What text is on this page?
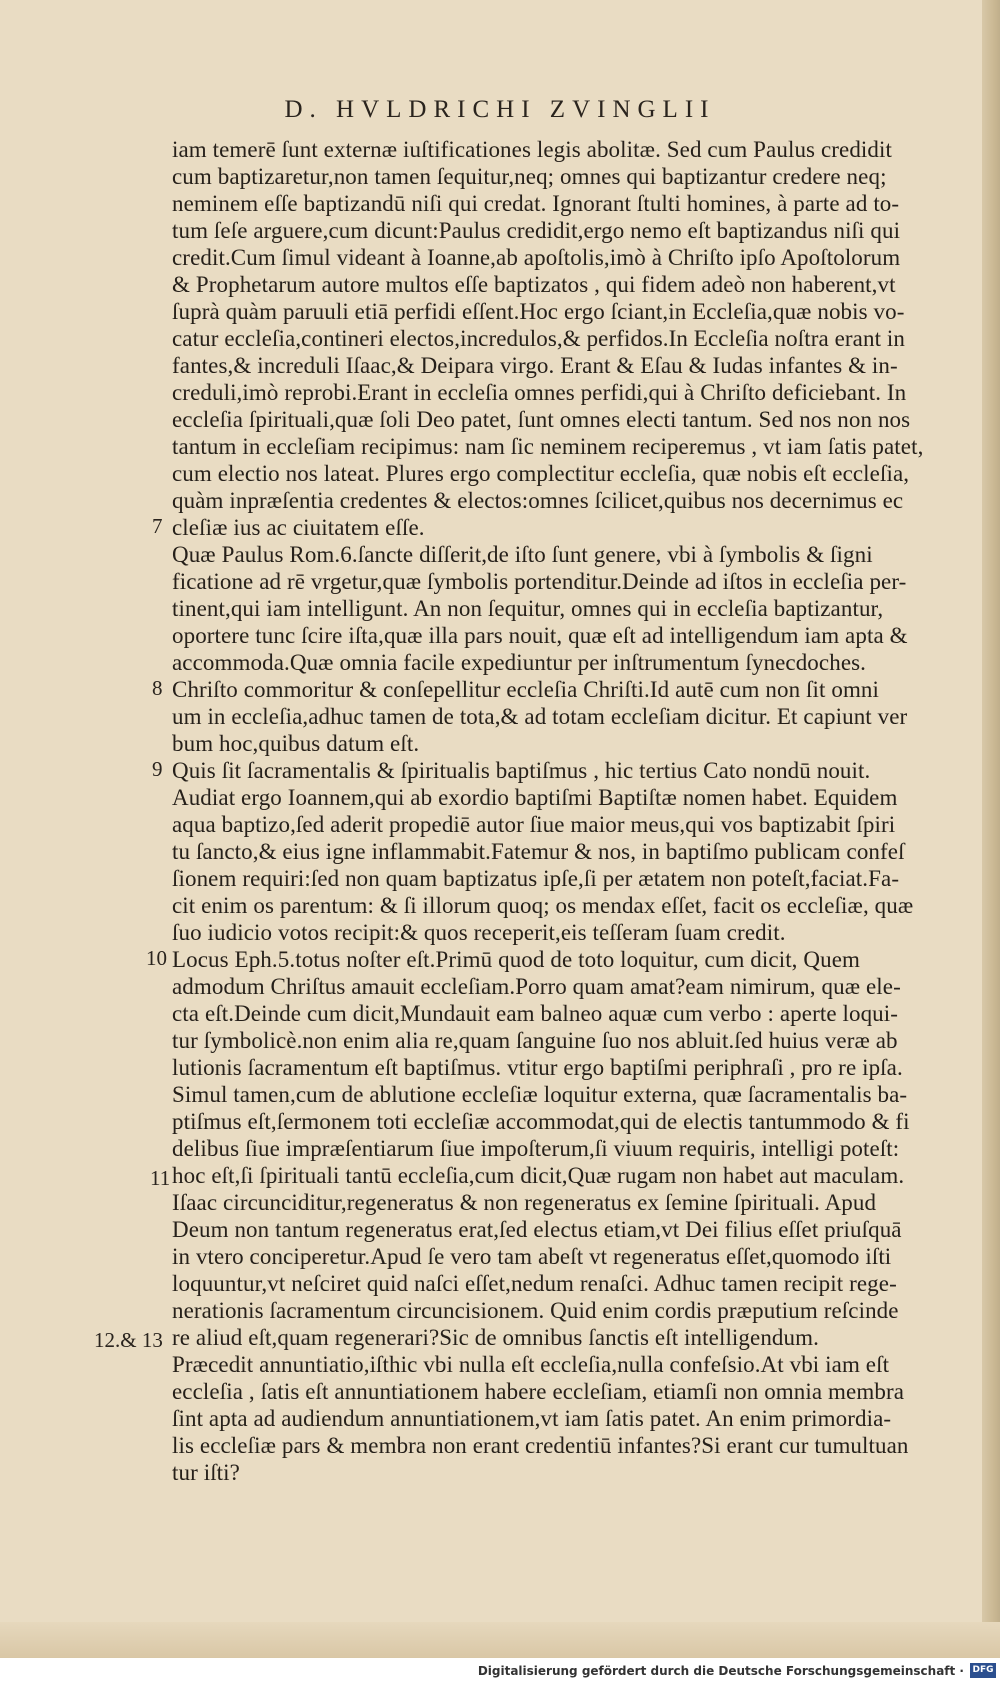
D. HVLDRICHI ZVINGLII
iam temerē ſunt externæ iuſtificationes legis abolitæ. Sed cum Paulus credidit
cum baptizaretur,non tamen ſequitur,neq; omnes qui baptizantur credere neq;
neminem eſſe baptizandū niſi qui credat. Ignorant ſtulti homines, à parte ad to-
tum ſeſe arguere,cum dicunt:Paulus credidit,ergo nemo eſt baptizandus niſi qui
credit.Cum ſimul videant à Ioanne,ab apoſtolis,imò à Chriſto ipſo Apoſtolorum
& Prophetarum autore multos eſſe baptizatos , qui fidem adeò non haberent,vt
ſuprà quàm paruuli etiā perfidi eſſent.Hoc ergo ſciant,in Eccleſia,quæ nobis vo-
catur eccleſia,contineri electos,incredulos,& perfidos.In Eccleſia noſtra erant in
fantes,& increduli Iſaac,& Deipara virgo. Erant & Eſau & Iudas infantes & in-
creduli,imò reprobi.Erant in eccleſia omnes perfidi,qui à Chriſto deficiebant. In
eccleſia ſpirituali,quæ ſoli Deo patet, ſunt omnes electi tantum. Sed nos non nos
tantum in eccleſiam recipimus: nam ſic neminem reciperemus , vt iam ſatis patet,
cum electio nos lateat. Plures ergo complectitur eccleſia, quæ nobis eſt eccleſia,
quàm inpræſentia credentes & electos:omnes ſcilicet,quibus nos decernimus ec
cleſiæ ius ac ciuitatem eſſe.
Quæ Paulus Rom.6.ſancte diſſerit,de iſto ſunt genere, vbi à ſymbolis & ſigni
ficatione ad rē vrgetur,quæ ſymbolis portenditur.Deinde ad iſtos in eccleſia per-
tinent,qui iam intelligunt. An non ſequitur, omnes qui in eccleſia baptizantur,
oportere tunc ſcire iſta,quæ illa pars nouit, quæ eſt ad intelligendum iam apta &
accommoda.Quæ omnia facile expediuntur per inſtrumentum ſynecdoches.
Chriſto commoritur & conſepellitur eccleſia Chriſti.Id autē cum non ſit omni
um in eccleſia,adhuc tamen de tota,& ad totam eccleſiam dicitur. Et capiunt ver
bum hoc,quibus datum eſt.
Quis ſit ſacramentalis & ſpiritualis baptiſmus , hic tertius Cato nondū nouit.
Audiat ergo Ioannem,qui ab exordio baptiſmi Baptiſtæ nomen habet. Equidem
aqua baptizo,ſed aderit propediē autor ſiue maior meus,qui vos baptizabit ſpiri
tu ſancto,& eius igne inflammabit.Fatemur & nos, in baptiſmo publicam confeſ
ſionem requiri:ſed non quam baptizatus ipſe,ſi per ætatem non poteſt,faciat.Fa-
cit enim os parentum: & ſi illorum quoq; os mendax eſſet, facit os eccleſiæ, quæ
ſuo iudicio votos recipit:& quos receperit,eis teſſeram ſuam credit.
Locus Eph.5.totus noſter eſt.Primū quod de toto loquitur, cum dicit, Quem
admodum Chriſtus amauit eccleſiam.Porro quam amat?eam nimirum, quæ ele-
cta eſt.Deinde cum dicit,Mundauit eam balneo aquæ cum verbo : aperte loqui-
tur ſymbolicè.non enim alia re,quam ſanguine ſuo nos abluit.ſed huius veræ ab
lutionis ſacramentum eſt baptiſmus. vtitur ergo baptiſmi periphraſi , pro re ipſa.
Simul tamen,cum de ablutione eccleſiæ loquitur externa, quæ ſacramentalis ba-
ptiſmus eſt,ſermonem toti eccleſiæ accommodat,qui de electis tantummodo & fi
delibus ſiue impræſentiarum ſiue impoſterum,ſi viuum requiris, intelligi poteſt:
hoc eſt,ſi ſpirituali tantū eccleſia,cum dicit,Quæ rugam non habet aut maculam.
Iſaac circunciditur,regeneratus & non regeneratus ex ſemine ſpirituali. Apud
Deum non tantum regeneratus erat,ſed electus etiam,vt Dei filius eſſet priuſquā
in vtero conciperetur.Apud ſe vero tam abeſt vt regeneratus eſſet,quomodo iſti
loquuntur,vt neſciret quid naſci eſſet,nedum renaſci. Adhuc tamen recipit rege-
nerationis ſacramentum circuncisionem. Quid enim cordis præputium reſcinde
re aliud eſt,quam regenerari?Sic de omnibus ſanctis eſt intelligendum.
Præcedit annuntiatio,iſthic vbi nulla eſt eccleſia,nulla confeſsio.At vbi iam eſt
eccleſia , ſatis eſt annuntiationem habere eccleſiam, etiamſi non omnia membra
ſint apta ad audiendum annuntiationem,vt iam ſatis patet. An enim primordia-
lis eccleſiæ pars & membra non erant credentiū infantes?Si erant cur tumultuan
tur iſti?
7
8
9
10
11
12.& 13
Digitalisierung gefördert durch die Deutsche Forschungsgemeinschaft · DFG
